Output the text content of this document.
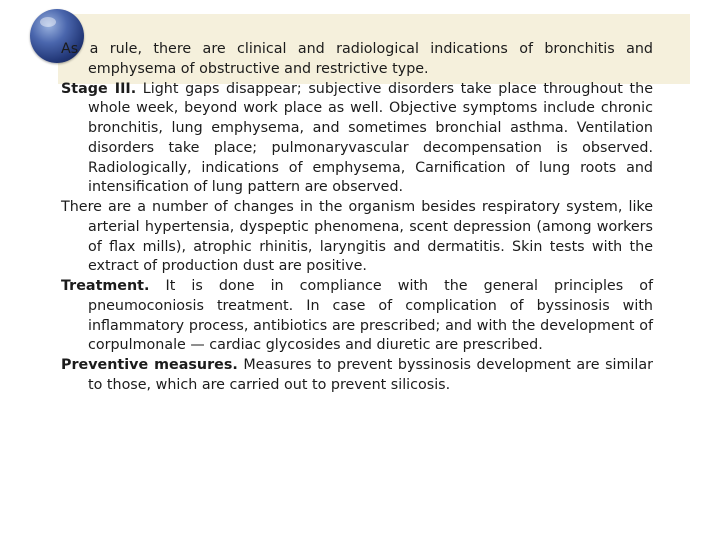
As a rule, there are clinical and radiological indications of bronchitis and emphysema of obstructive and restrictive type.

Stage III. Light gaps disappear; subjective disorders take place throughout the whole week, beyond work place as well. Objective symptoms include chronic bronchitis, lung emphysema, and sometimes bronchial asthma. Ventilation disorders take place; pulmonaryvascular decompensation is observed. Radiologically, indications of emphysema, Carnification of lung roots and intensification of lung pattern are observed.

There are a number of changes in the organism besides respiratory system, like arterial hypertensia, dyspeptic phenomena, scent depression (among workers of flax mills), atrophic rhinitis, laryngitis and dermatitis. Skin tests with the extract of production dust are positive.

Treatment. It is done in compliance with the general principles of pneumoconiosis treatment. In case of complication of byssinosis with inflammatory process, antibiotics are prescribed; and with the development of corpulmonale — cardiac glycosides and diuretic are prescribed.

Preventive measures. Measures to prevent byssinosis development are similar to those, which are carried out to prevent silicosis.
